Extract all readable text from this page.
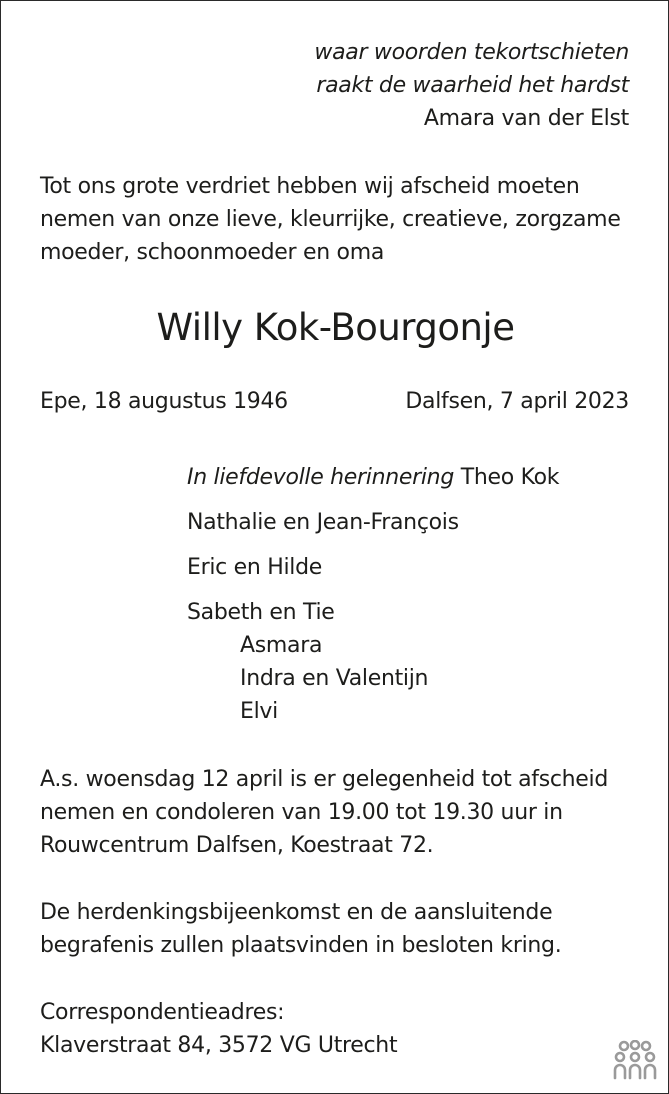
waar woorden tekortschieten
raakt de waarheid het hardst
Amara van der Elst
Tot ons grote verdriet hebben wij afscheid moeten
nemen van onze lieve, kleurrijke, creatieve, zorgzame
moeder, schoonmoeder en oma
Willy Kok-Bourgonje
Epe, 18 augustus 1946	Dalfsen, 7 april 2023
In liefdevolle herinnering Theo Kok
Nathalie en Jean-François
Eric en Hilde
Sabeth en Tie
Asmara
Indra en Valentijn
Elvi
A.s. woensdag 12 april is er gelegenheid tot afscheid
nemen en condoleren van 19.00 tot 19.30 uur in
Rouwcentrum Dalfsen, Koestraat 72.
De herdenkingsbijeenkomst en de aansluitende
begrafenis zullen plaatsvinden in besloten kring.
Correspondentieadres:
Klaverstraat 84, 3572 VG Utrecht
